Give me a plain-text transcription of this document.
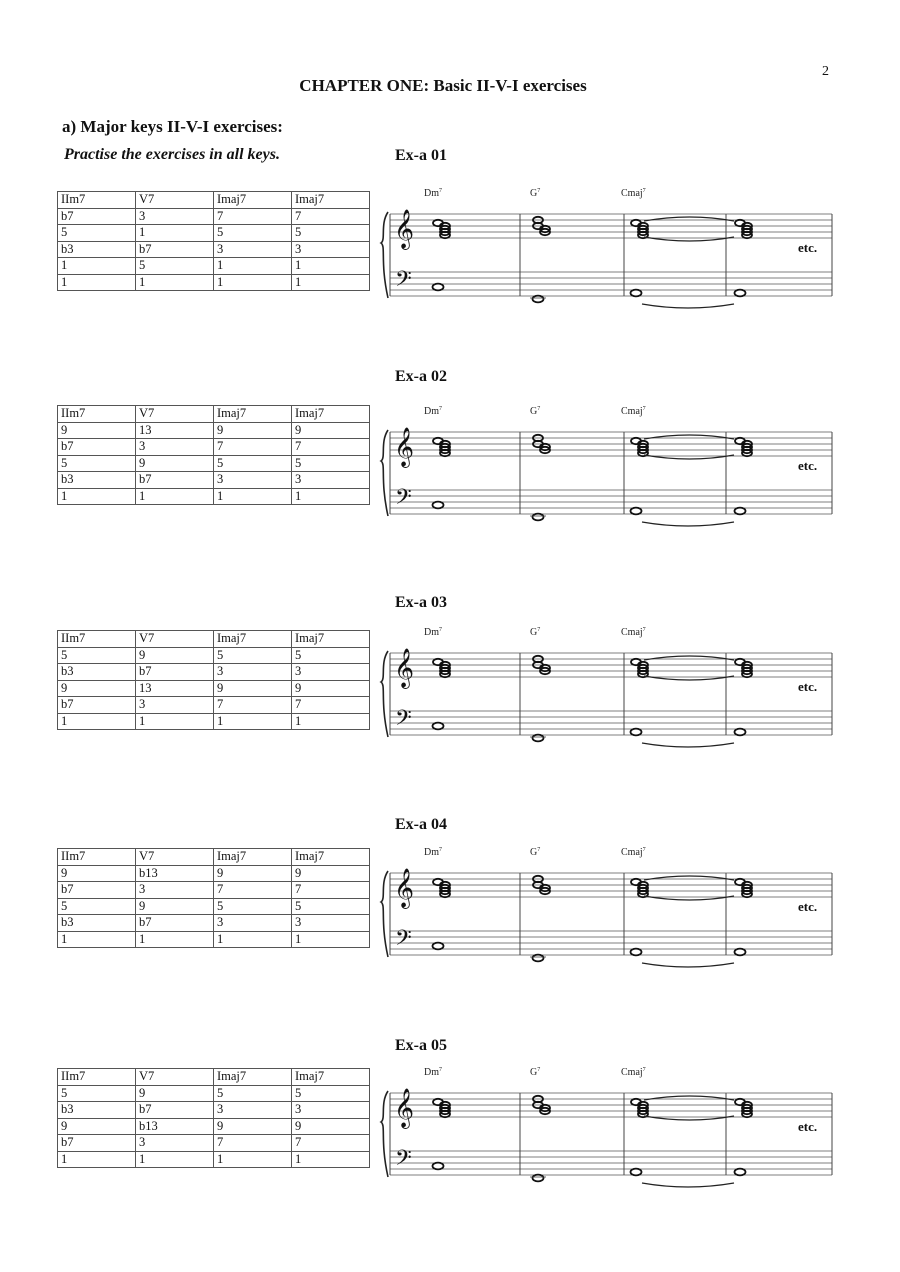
2
CHAPTER ONE: Basic II-V-I exercises
a) Major keys II-V-I exercises:
Practise the exercises in all keys.	Ex-a 01
IIm7	V7	Imaj7	Imaj7
b7	3	7	7
5	1	5	5
b3	b7	3	3
1	5	1	1
1	1	1	1
Dm$^7$	$G^7$	Cmaj$^7$
𝄞
𝄢
etc.
Ex-a 02
IIm7	V7	Imaj7	Imaj7
9	13	9	9
b7	3	7	7
5	9	5	5
b3	b7	3	3
1	1	1	1
Dm$^7$	$G^7$	Cmaj$^7$
𝄞
𝄢
etc.
Ex-a 03
IIm7	V7	Imaj7	Imaj7
5	9	5	5
b3	b7	3	3
9	13	9	9
b7	3	7	7
1	1	1	1
Dm$^7$	$G^7$	Cmaj$^7$
𝄞
𝄢
etc.
Ex-a 04
IIm7	V7	Imaj7	Imaj7
9	b13	9	9
b7	3	7	7
5	9	5	5
b3	b7	3	3
1	1	1	1
Dm$^7$	$G^7$	Cmaj$^7$
𝄞
𝄢
etc.
Ex-a 05
IIm7	V7	Imaj7	Imaj7
5	9	5	5
b3	b7	3	3
9	b13	9	9
b7	3	7	7
1	1	1	1
Dm$^7$	$G^7$	Cmaj$^7$
𝄞
𝄢
etc.
